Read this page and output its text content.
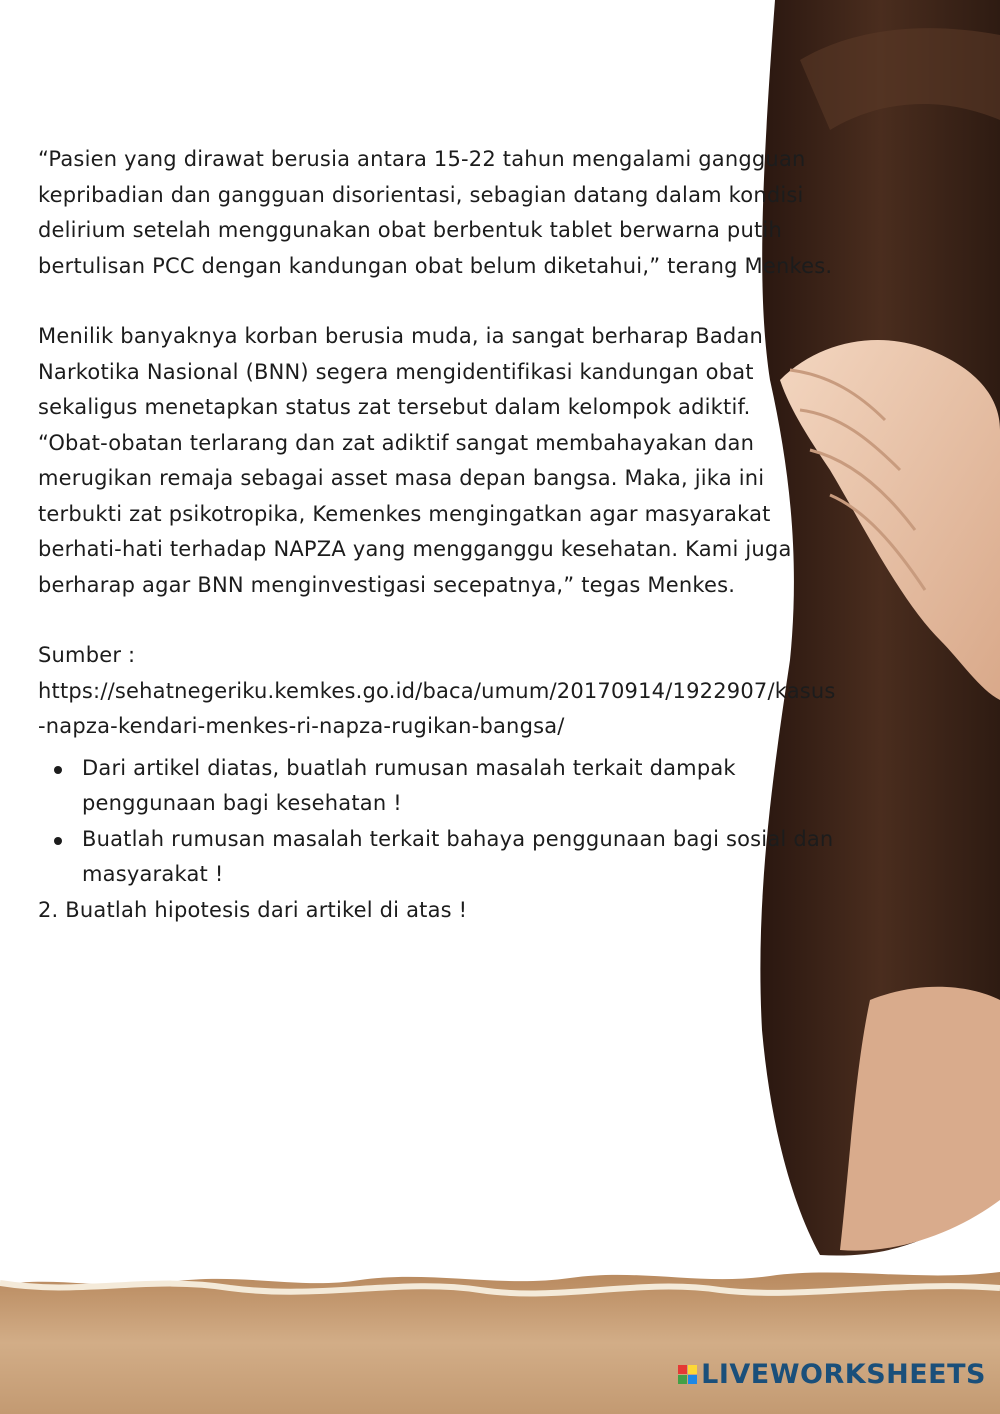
“Pasien yang dirawat berusia antara 15-22 tahun mengalami gangguan kepribadian dan gangguan disorientasi, sebagian datang dalam kondisi delirium setelah menggunakan obat berbentuk tablet berwarna putih bertulisan PCC dengan kandungan obat belum diketahui,” terang Menkes.

Menilik banyaknya korban berusia muda, ia sangat berharap Badan Narkotika Nasional (BNN) segera mengidentifikasi kandungan obat sekaligus menetapkan status zat tersebut dalam kelompok adiktif.

“Obat-obatan terlarang dan zat adiktif sangat membahayakan dan merugikan remaja sebagai asset masa depan bangsa. Maka, jika ini terbukti zat psikotropika, Kemenkes mengingatkan agar masyarakat berhati-hati terhadap NAPZA yang mengganggu kesehatan. Kami juga berharap agar BNN menginvestigasi secepatnya,” tegas Menkes.

Sumber :

https://sehatnegeriku.kemkes.go.id/baca/umum/20170914/1922907/kasus-napza-kendari-menkes-ri-napza-rugikan-bangsa/

Dari artikel diatas, buatlah rumusan masalah terkait dampak penggunaan bagi kesehatan !
Buatlah rumusan masalah terkait bahaya penggunaan bagi sosial dan masyarakat !

2. Buatlah hipotesis dari artikel di atas !

LIVEWORKSHEETS
